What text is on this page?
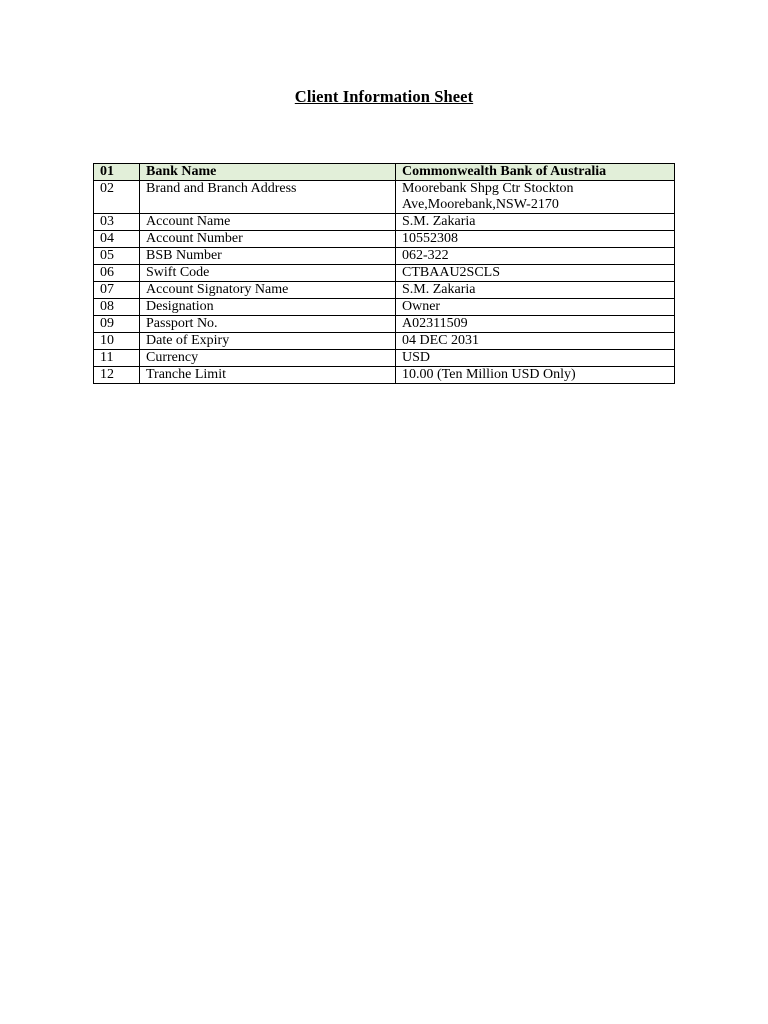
Client Information Sheet
01	Bank Name	Commonwealth Bank of Australia
02	Brand and Branch Address	Moorebank Shpg Ctr Stockton
Ave,Moorebank,NSW-2170

03	Account Name	S.M. Zakaria
04	Account Number	10552308
05	BSB Number	062-322
06	Swift Code	CTBAAU2SCLS
07	Account Signatory Name	S.M. Zakaria
08	Designation	Owner
09	Passport No.	A02311509
10	Date of Expiry	04 DEC 2031
11	Currency	USD
12	Tranche Limit	10.00 (Ten Million USD Only)
